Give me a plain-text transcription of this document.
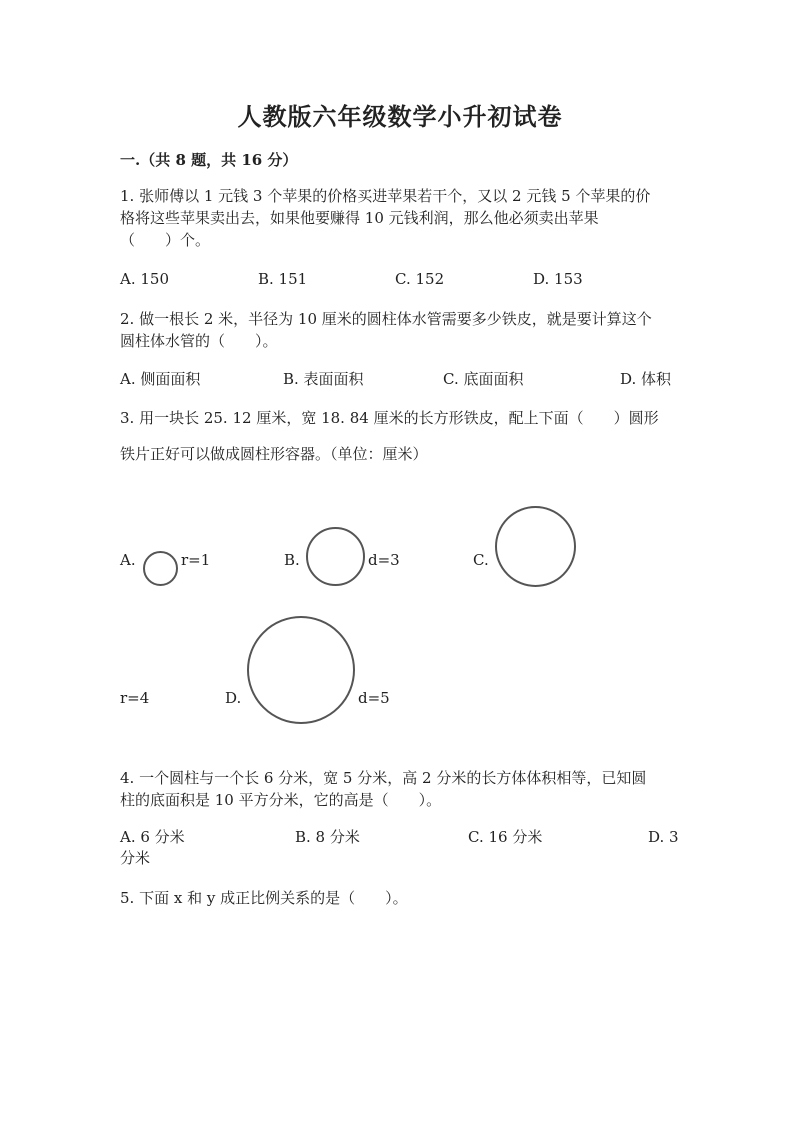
人教版六年级数学小升初试卷
一.（共 8 题，共 16 分）
1. 张师傅以 1 元钱 3 个苹果的价格买进苹果若干个，又以 2 元钱 5 个苹果的价
格将这些苹果卖出去，如果他要赚得 10 元钱利润，那么他必须卖出苹果
（　　）个。
A. 150	B. 151	C. 152	D. 153
2. 做一根长 2 米，半径为 10 厘米的圆柱体水管需要多少铁皮，就是要计算这个
圆柱体水管的（　　）。
A. 侧面面积	B. 表面面积	C. 底面面积	D. 体积
3. 用一块长 25. 12 厘米，宽 18. 84 厘米的长方形铁皮，配上下面（　　）圆形
铁片正好可以做成圆柱形容器。（单位：厘米）
A.	r=1	B.	d=3	C.
r=4	D.	d=5
4. 一个圆柱与一个长 6 分米，宽 5 分米，高 2 分米的长方体体积相等，已知圆
柱的底面积是 10 平方分米，它的高是（　　）。
A. 6 分米	B. 8 分米	C. 16 分米	D. 3
分米
5. 下面 x 和 y 成正比例关系的是（　　）。
